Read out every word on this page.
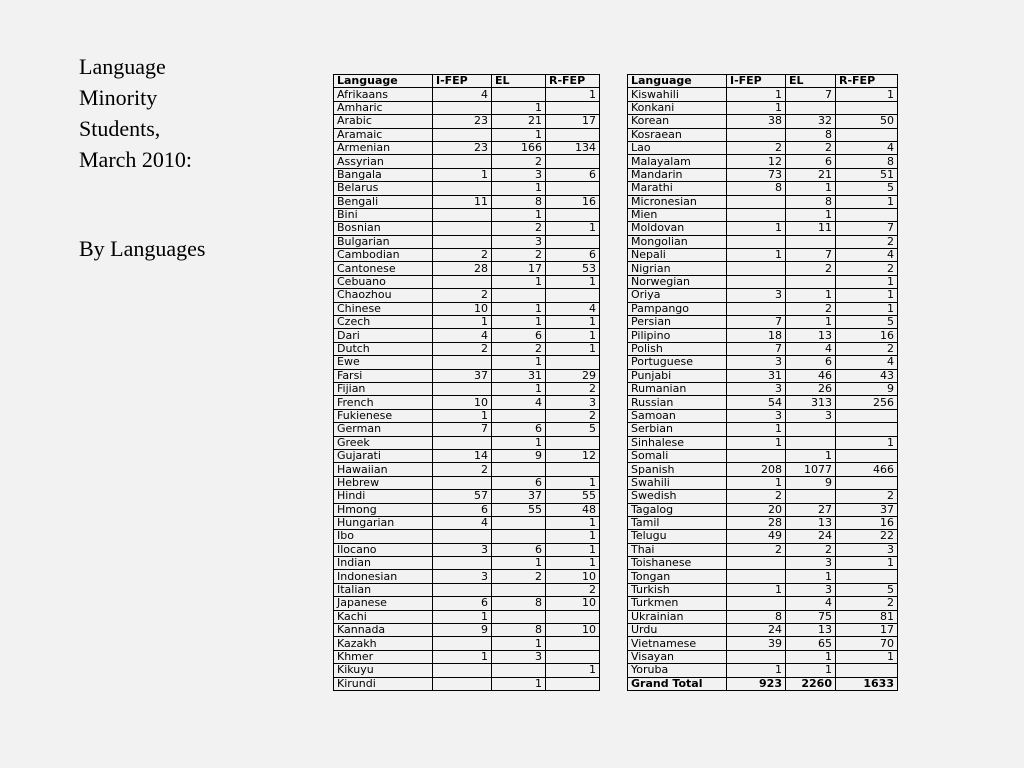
Language
Minority
Students,
March 2010:
By Languages
Language	I-FEP	EL	R-FEP
Afrikaans	4		1
Amharic		1	
Arabic	23	21	17
Aramaic		1	
Armenian	23	166	134
Assyrian		2	
Bangala	1	3	6
Belarus		1	
Bengali	11	8	16
Bini		1	
Bosnian		2	1
Bulgarian		3	
Cambodian	2	2	6
Cantonese	28	17	53
Cebuano		1	1
Chaozhou	2		
Chinese	10	1	4
Czech	1	1	1
Dari	4	6	1
Dutch	2	2	1
Ewe		1	
Farsi	37	31	29
Fijian		1	2
French	10	4	3
Fukienese	1		2
German	7	6	5
Greek		1	
Gujarati	14	9	12
Hawaiian	2		
Hebrew		6	1
Hindi	57	37	55
Hmong	6	55	48
Hungarian	4		1
Ibo			1
Ilocano	3	6	1
Indian		1	1
Indonesian	3	2	10
Italian			2
Japanese	6	8	10
Kachi	1		
Kannada	9	8	10
Kazakh		1	
Khmer	1	3	
Kikuyu			1
Kirundi		1	
Language	I-FEP	EL	R-FEP
Kiswahili	1	7	1
Konkani	1		
Korean	38	32	50
Kosraean		8	
Lao	2	2	4
Malayalam	12	6	8
Mandarin	73	21	51
Marathi	8	1	5
Micronesian		8	1
Mien		1	
Moldovan	1	11	7
Mongolian			2
Nepali	1	7	4
Nigrian		2	2
Norwegian			1
Oriya	3	1	1
Pampango		2	1
Persian	7	1	5
Pilipino	18	13	16
Polish	7	4	2
Portuguese	3	6	4
Punjabi	31	46	43
Rumanian	3	26	9
Russian	54	313	256
Samoan	3	3	
Serbian	1		
Sinhalese	1		1
Somali		1	
Spanish	208	1077	466
Swahili	1	9	
Swedish	2		2
Tagalog	20	27	37
Tamil	28	13	16
Telugu	49	24	22
Thai	2	2	3
Toishanese		3	1
Tongan		1	
Turkish	1	3	5
Turkmen		4	2
Ukrainian	8	75	81
Urdu	24	13	17
Vietnamese	39	65	70
Visayan		1	1
Yoruba	1	1	
Grand Total	923	2260	1633
